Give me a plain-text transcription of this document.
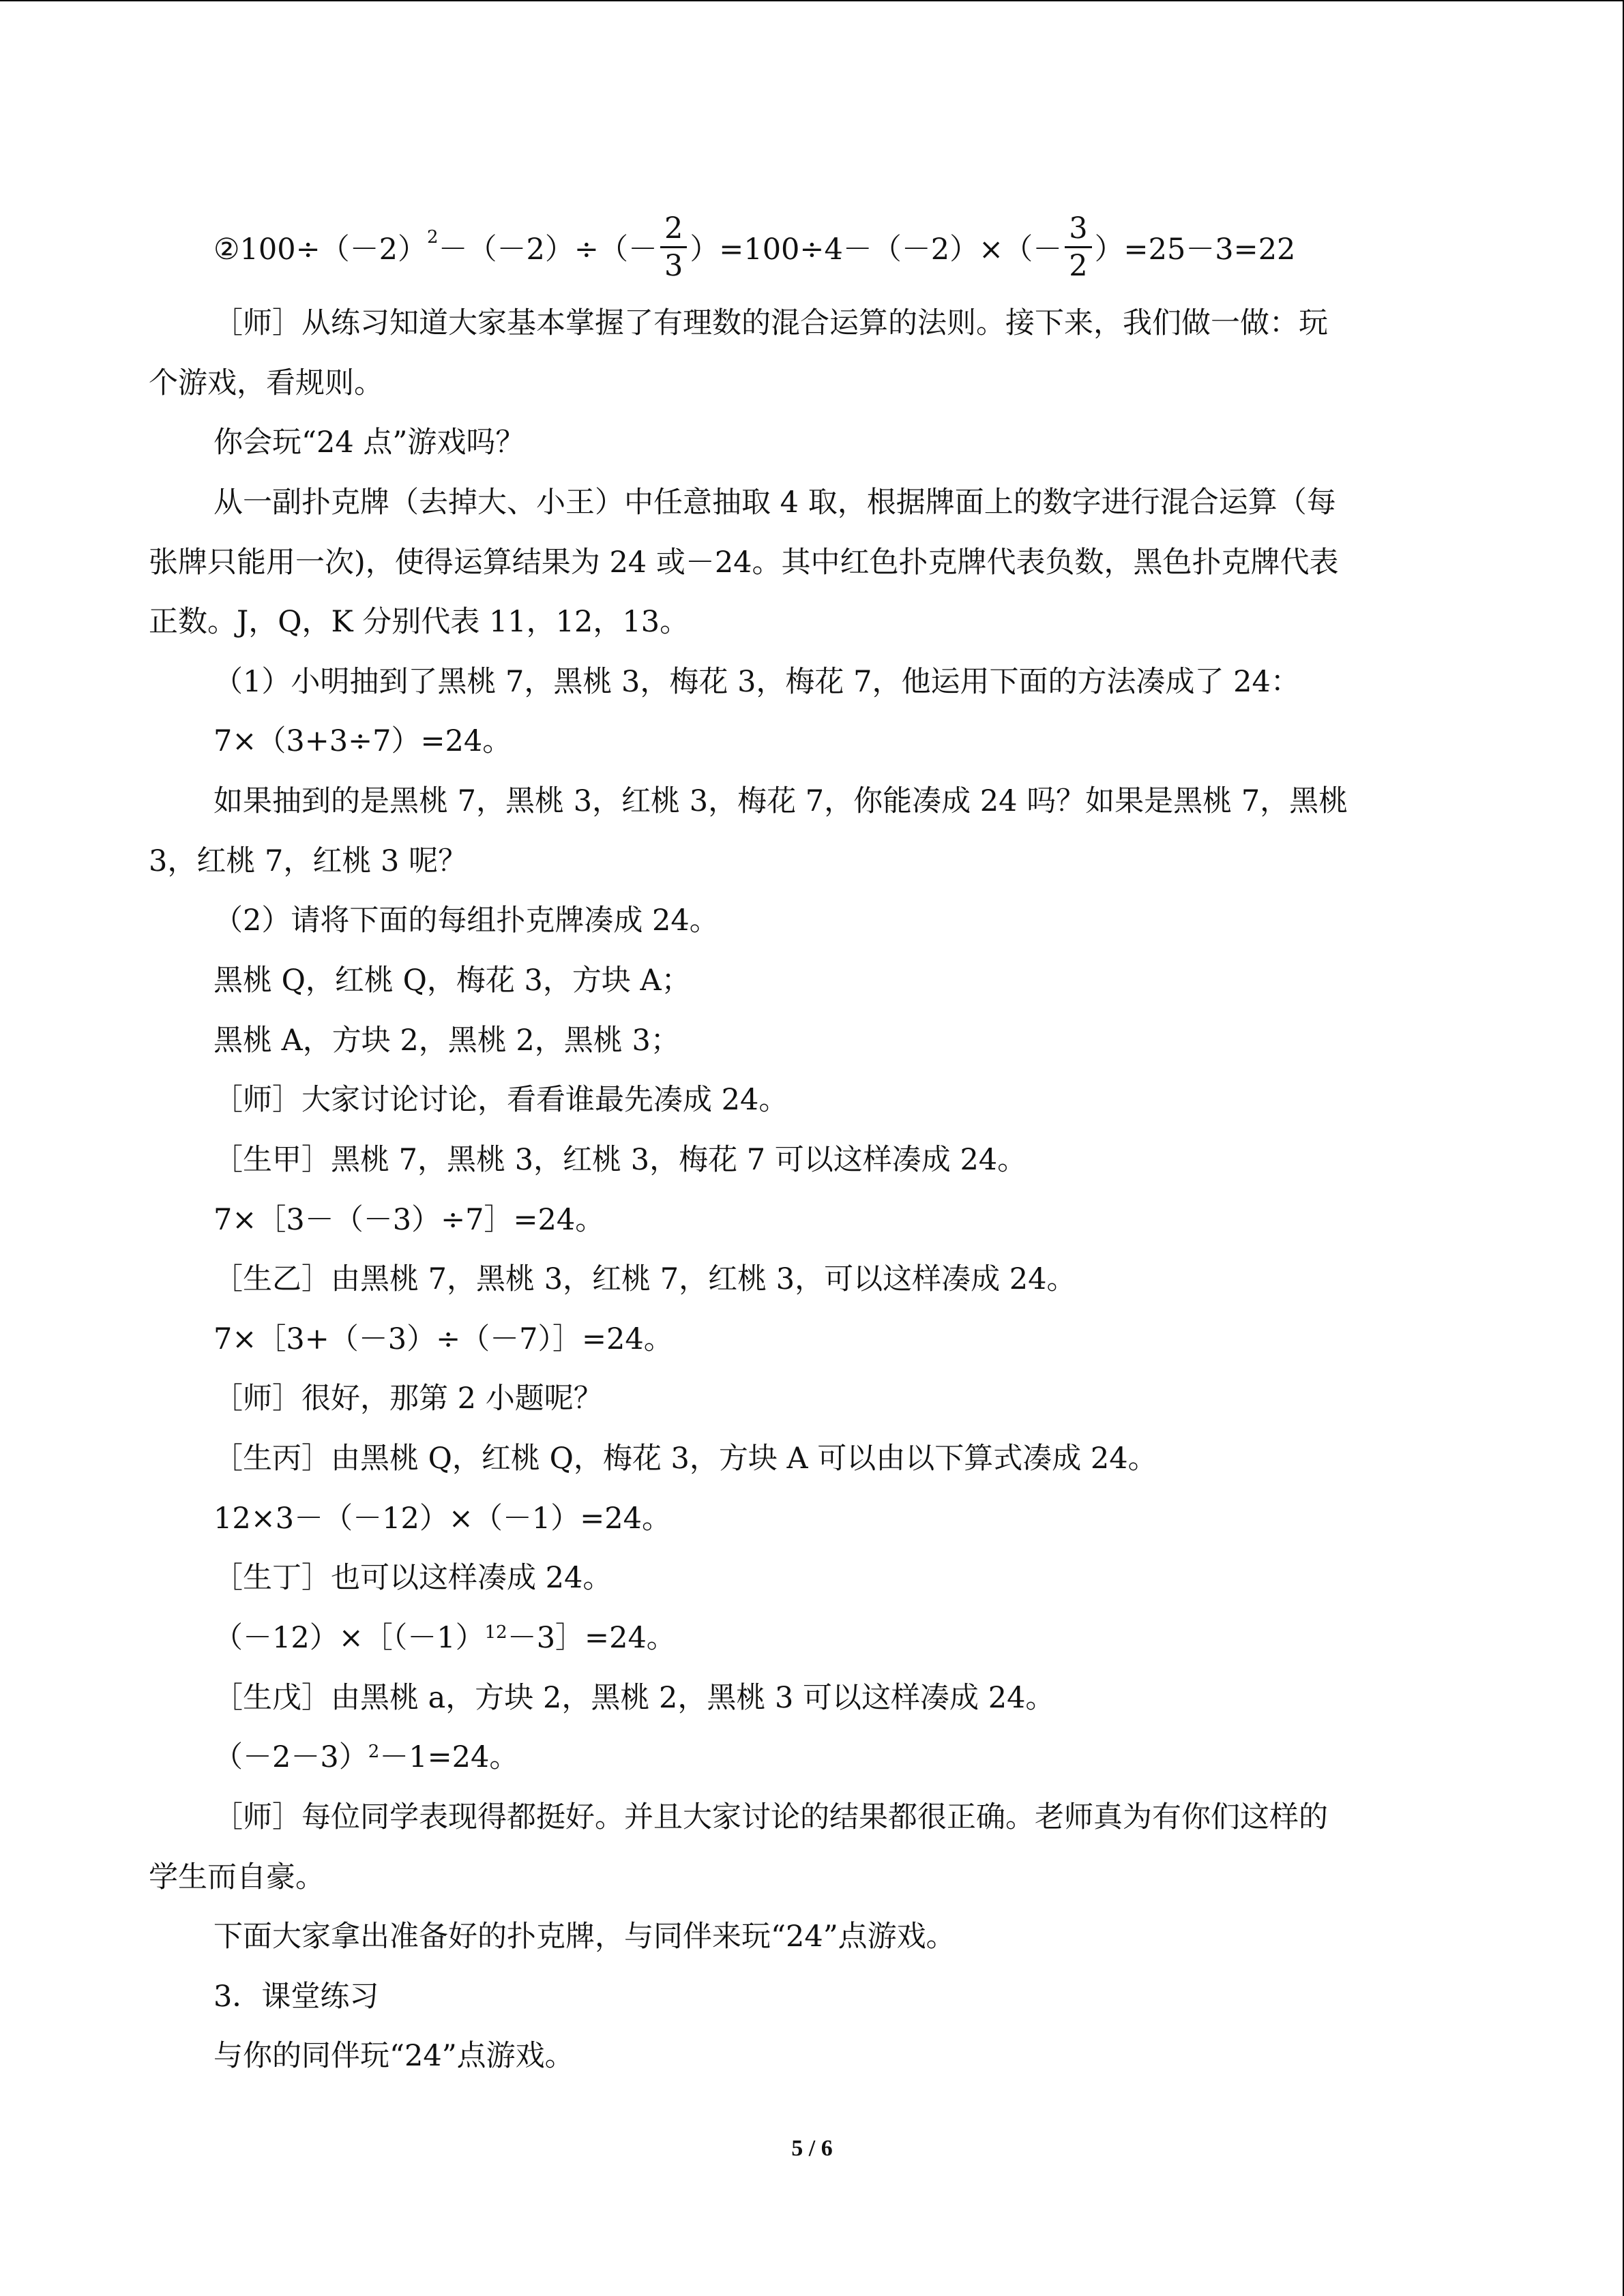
$②100\div(-2)^2 -(-2)\div(- \frac{2}{3} )=100\div 4-(-2)\times(- \frac{3}{2} )=25-3=22$

［师］从练习知道大家基本掌握了有理数的混合运算的法则。接下来，我们做一做：玩

个游戏，看规则。

你会玩“24 点”游戏吗？

从一副扑克牌（去掉大、小王）中任意抽取 4 取，根据牌面上的数字进行混合运算（每

张牌只能用一次)，使得运算结果为 24 或－24。其中红色扑克牌代表负数，黑色扑克牌代表

正数。J，Q，K 分别代表 11，12，13。

（1）小明抽到了黑桃 7，黑桃 3，梅花 3，梅花 7，他运用下面的方法凑成了 24：

7×（3+3÷7）=24。

如果抽到的是黑桃 7，黑桃 3，红桃 3，梅花 7，你能凑成 24 吗？如果是黑桃 7，黑桃

3，红桃 7，红桃 3 呢？

（2）请将下面的每组扑克牌凑成 24。

黑桃 Q，红桃 Q，梅花 3，方块 A；

黑桃 A，方块 2，黑桃 2，黑桃 3；

［师］大家讨论讨论，看看谁最先凑成 24。

［生甲］黑桃 7，黑桃 3，红桃 3，梅花 7 可以这样凑成 24。

7×［3－（－3）÷7］=24。

［生乙］由黑桃 7，黑桃 3，红桃 7，红桃 3，可以这样凑成 24。

7×［3+（－3）÷（－7）］=24。

［师］很好，那第 2 小题呢？

［生丙］由黑桃 Q，红桃 Q，梅花 3，方块 A 可以由以下算式凑成 24。

12×3－（－12）×（－1）=24。

［生丁］也可以这样凑成 24。

$(-12)\times[(-1)^{12}-3]=24$。

［生戊］由黑桃 a，方块 2，黑桃 2，黑桃 3 可以这样凑成 24。

$(-2-3)^2-1=24$。

［师］每位同学表现得都挺好。并且大家讨论的结果都很正确。老师真为有你们这样的

学生而自豪。

下面大家拿出准备好的扑克牌，与同伴来玩“24”点游戏。

3．课堂练习

与你的同伴玩“24”点游戏。

5 / 6
